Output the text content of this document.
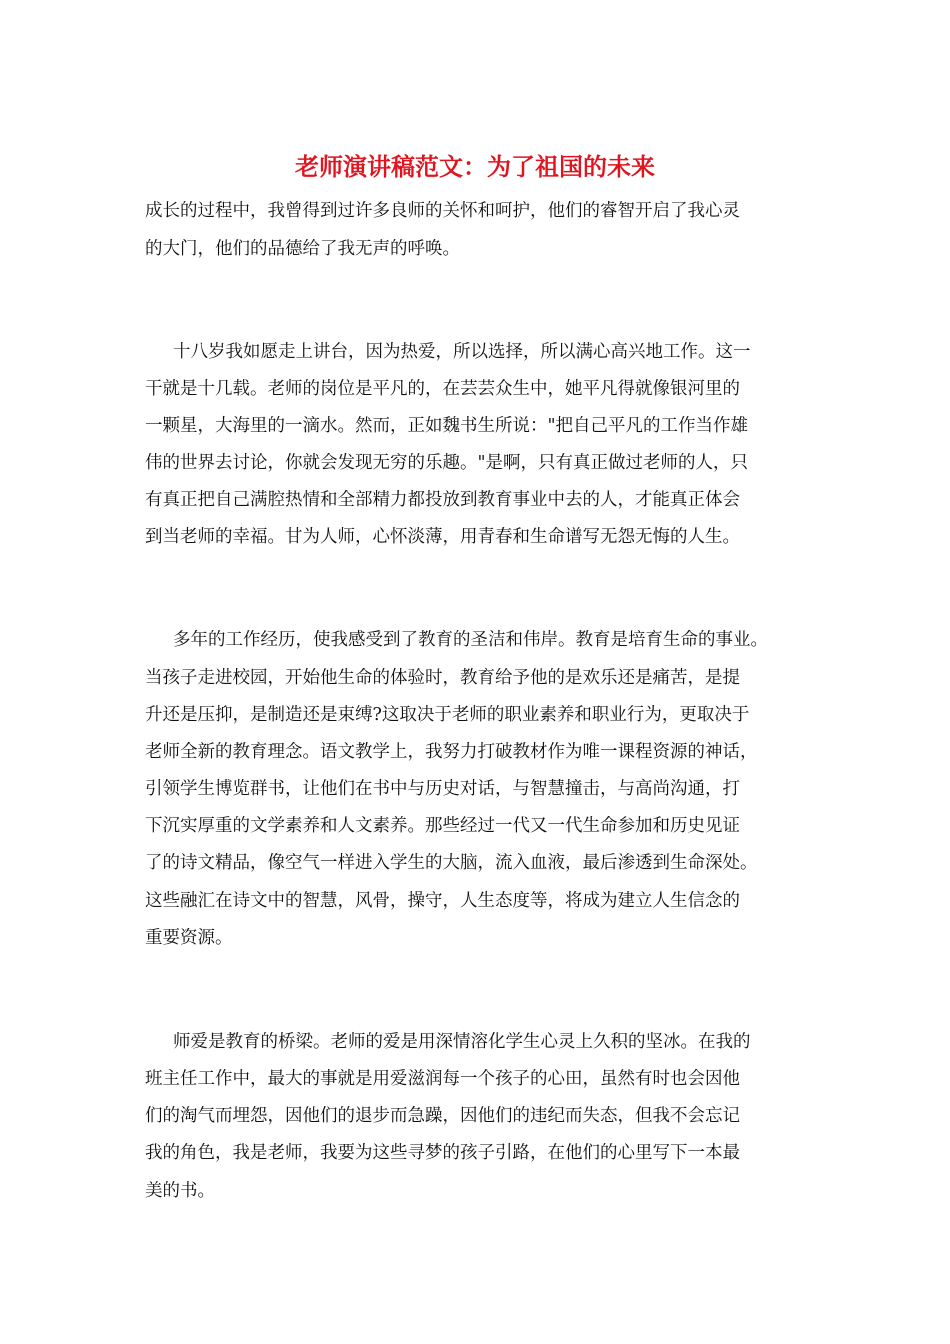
老师演讲稿范文：为了祖国的未来

成长的过程中，我曾得到过许多良师的关怀和呵护，他们的睿智开启了我心灵

的大门，他们的品德给了我无声的呼唤。

十八岁我如愿走上讲台，因为热爱，所以选择，所以满心高兴地工作。这一

干就是十几载。老师的岗位是平凡的，在芸芸众生中，她平凡得就像银河里的

一颗星，大海里的一滴水。然而，正如魏书生所说："把自己平凡的工作当作雄

伟的世界去讨论，你就会发现无穷的乐趣。"是啊，只有真正做过老师的人，只

有真正把自己满腔热情和全部精力都投放到教育事业中去的人，才能真正体会

到当老师的幸福。甘为人师，心怀淡薄，用青春和生命谱写无怨无悔的人生。

多年的工作经历，使我感受到了教育的圣洁和伟岸。教育是培育生命的事业。

当孩子走进校园，开始他生命的体验时，教育给予他的是欢乐还是痛苦，是提

升还是压抑，是制造还是束缚?这取决于老师的职业素养和职业行为，更取决于

老师全新的教育理念。语文教学上，我努力打破教材作为唯一课程资源的神话，

引领学生博览群书，让他们在书中与历史对话，与智慧撞击，与高尚沟通，打

下沉实厚重的文学素养和人文素养。那些经过一代又一代生命参加和历史见证

了的诗文精品，像空气一样进入学生的大脑，流入血液，最后渗透到生命深处。

这些融汇在诗文中的智慧，风骨，操守，人生态度等，将成为建立人生信念的

重要资源。

师爱是教育的桥梁。老师的爱是用深情溶化学生心灵上久积的坚冰。在我的

班主任工作中，最大的事就是用爱滋润每一个孩子的心田，虽然有时也会因他

们的淘气而埋怨，因他们的退步而急躁，因他们的违纪而失态，但我不会忘记

我的角色，我是老师，我要为这些寻梦的孩子引路，在他们的心里写下一本最

美的书。
